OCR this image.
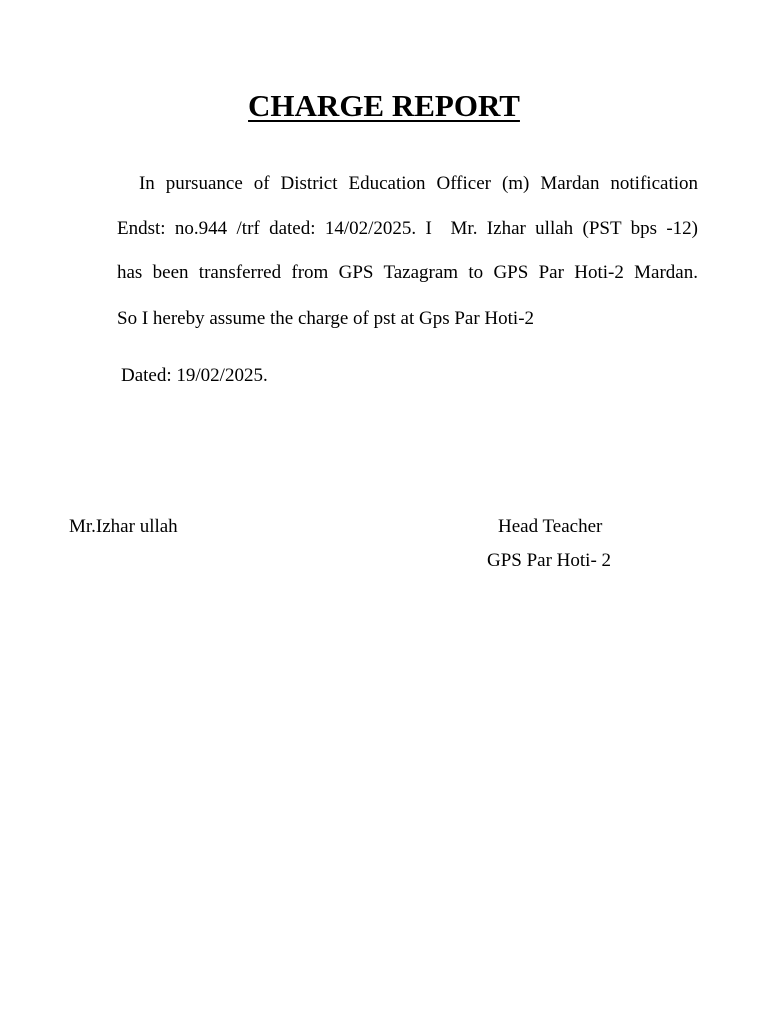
CHARGE REPORT
In pursuance of District Education Officer (m) Mardan notification
Endst: no.944 /trf dated: 14/02/2025. I  Mr. Izhar ullah (PST bps -12)
has been transferred from GPS Tazagram to GPS Par Hoti-2 Mardan.
So I hereby assume the charge of pst at Gps Par Hoti-2
Dated: 19/02/2025.
Mr.Izhar ullah	Head Teacher
GPS Par Hoti- 2
